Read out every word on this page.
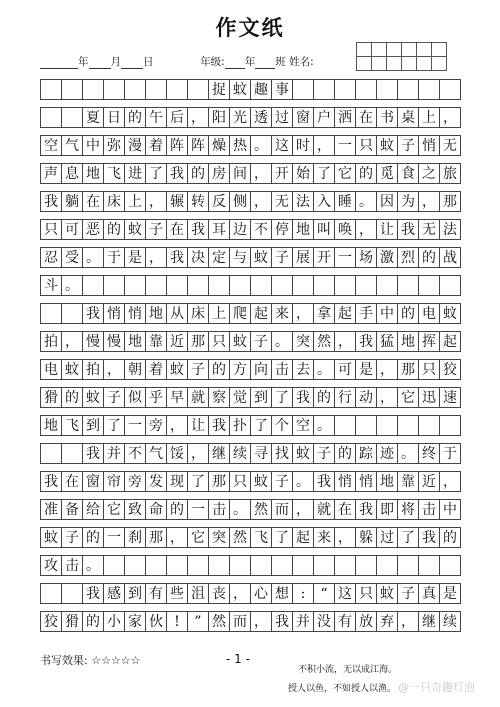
作文纸
年 月 日	年级: 年 班 姓名:
捉 蚊 趣 事
夏 日 的 午 后 ， 阳 光 透 过 窗 户 洒 在 书 桌 上 ，
空 气 中 弥 漫 着 阵 阵 燥 热 。 这 时 ， 一 只 蚊 子 悄 无
声 息 地 飞 进 了 我 的 房 间 ， 开 始 了 它 的 觅 食 之 旅
我 躺 在 床 上 ， 辗 转 反 侧 ， 无 法 入 睡 。 因 为 ， 那
只 可 恶 的 蚊 子 在 我 耳 边 不 停 地 叫 唤 ， 让 我 无 法
忍 受 。 于 是 ， 我 决 定 与 蚊 子 展 开 一 场 激 烈 的 战
斗 。
我 悄 悄 地 从 床 上 爬 起 来 ， 拿 起 手 中 的 电 蚊
拍 ， 慢 慢 地 靠 近 那 只 蚊 子 。 突 然 ， 我 猛 地 挥 起
电 蚊 拍 ， 朝 着 蚊 子 的 方 向 击 去 。 可 是 ， 那 只 狡
猾 的 蚊 子 似 乎 早 就 察 觉 到 了 我 的 行 动 ， 它 迅 速
地 飞 到 了 一 旁 ， 让 我 扑 了 个 空 。
我 并 不 气 馁 ， 继 续 寻 找 蚊 子 的 踪 迹 。 终 于
我 在 窗 帘 旁 发 现 了 那 只 蚊 子 。 我 悄 悄 地 靠 近 ，
准 备 给 它 致 命 的 一 击 。 然 而 ， 就 在 我 即 将 击 中
蚊 子 的 一 刹 那 ， 它 突 然 飞 了 起 来 ， 躲 过 了 我 的
攻 击 。
我 感 到 有 些 沮 丧 ， 心 想 :	“ 这 只 蚊 子 真 是
狡 猾 的 小 家 伙 !	” 然 而 ， 我 并 没 有 放 弃 ， 继 续
书写效果: ☆☆☆☆☆	- 1 -
不积小流，无以成江海。
授人以鱼，不如授人以渔。 @一只奇趣灯泡
